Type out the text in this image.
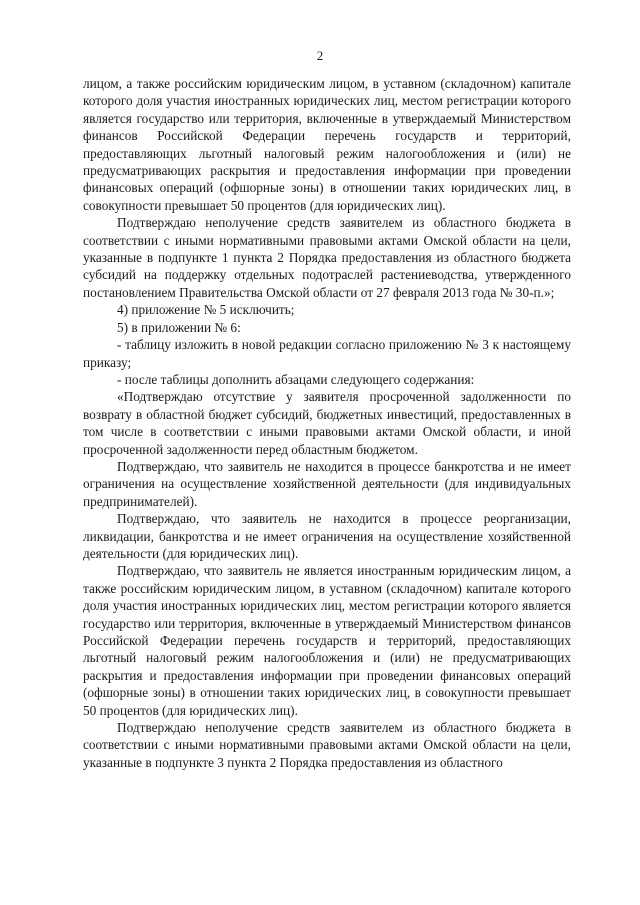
2

лицом, а также российским юридическим лицом, в уставном (складочном) капитале которого доля участия иностранных юридических лиц, местом регистрации которого является государство или территория, включенные в утверждаемый Министерством финансов Российской Федерации перечень государств и территорий, предоставляющих льготный налоговый режим налогообложения и (или) не предусматривающих раскрытия и предоставления информации при проведении финансовых операций (офшорные зоны) в отношении таких юридических лиц, в совокупности превышает 50 процентов (для юридических лиц).

Подтверждаю неполучение средств заявителем из областного бюджета в соответствии с иными нормативными правовыми актами Омской области на цели, указанные в подпункте 1 пункта 2 Порядка предоставления из областного бюджета субсидий на поддержку отдельных подотраслей растениеводства, утвержденного постановлением Правительства Омской области от 27 февраля 2013 года № 30-п.»;

4) приложение № 5 исключить;

5) в приложении № 6:

- таблицу изложить в новой редакции согласно приложению № 3 к настоящему приказу;

- после таблицы дополнить абзацами следующего содержания:

«Подтверждаю отсутствие у заявителя просроченной задолженности по возврату в областной бюджет субсидий, бюджетных инвестиций, предоставленных в том числе в соответствии с иными правовыми актами Омской области, и иной просроченной задолженности перед областным бюджетом.

Подтверждаю, что заявитель не находится в процессе банкротства и не имеет ограничения на осуществление хозяйственной деятельности (для индивидуальных предпринимателей).

Подтверждаю, что заявитель не находится в процессе реорганизации, ликвидации, банкротства и не имеет ограничения на осуществление хозяйственной деятельности (для юридических лиц).

Подтверждаю, что заявитель не является иностранным юридическим лицом, а также российским юридическим лицом, в уставном (складочном) капитале которого доля участия иностранных юридических лиц, местом регистрации которого является государство или территория, включенные в утверждаемый Министерством финансов Российской Федерации перечень государств и территорий, предоставляющих льготный налоговый режим налогообложения и (или) не предусматривающих раскрытия и предоставления информации при проведении финансовых операций (офшорные зоны) в отношении таких юридических лиц, в совокупности превышает 50 процентов (для юридических лиц).

Подтверждаю неполучение средств заявителем из областного бюджета в соответствии с иными нормативными правовыми актами Омской области на цели, указанные в подпункте 3 пункта 2 Порядка предоставления из областного
